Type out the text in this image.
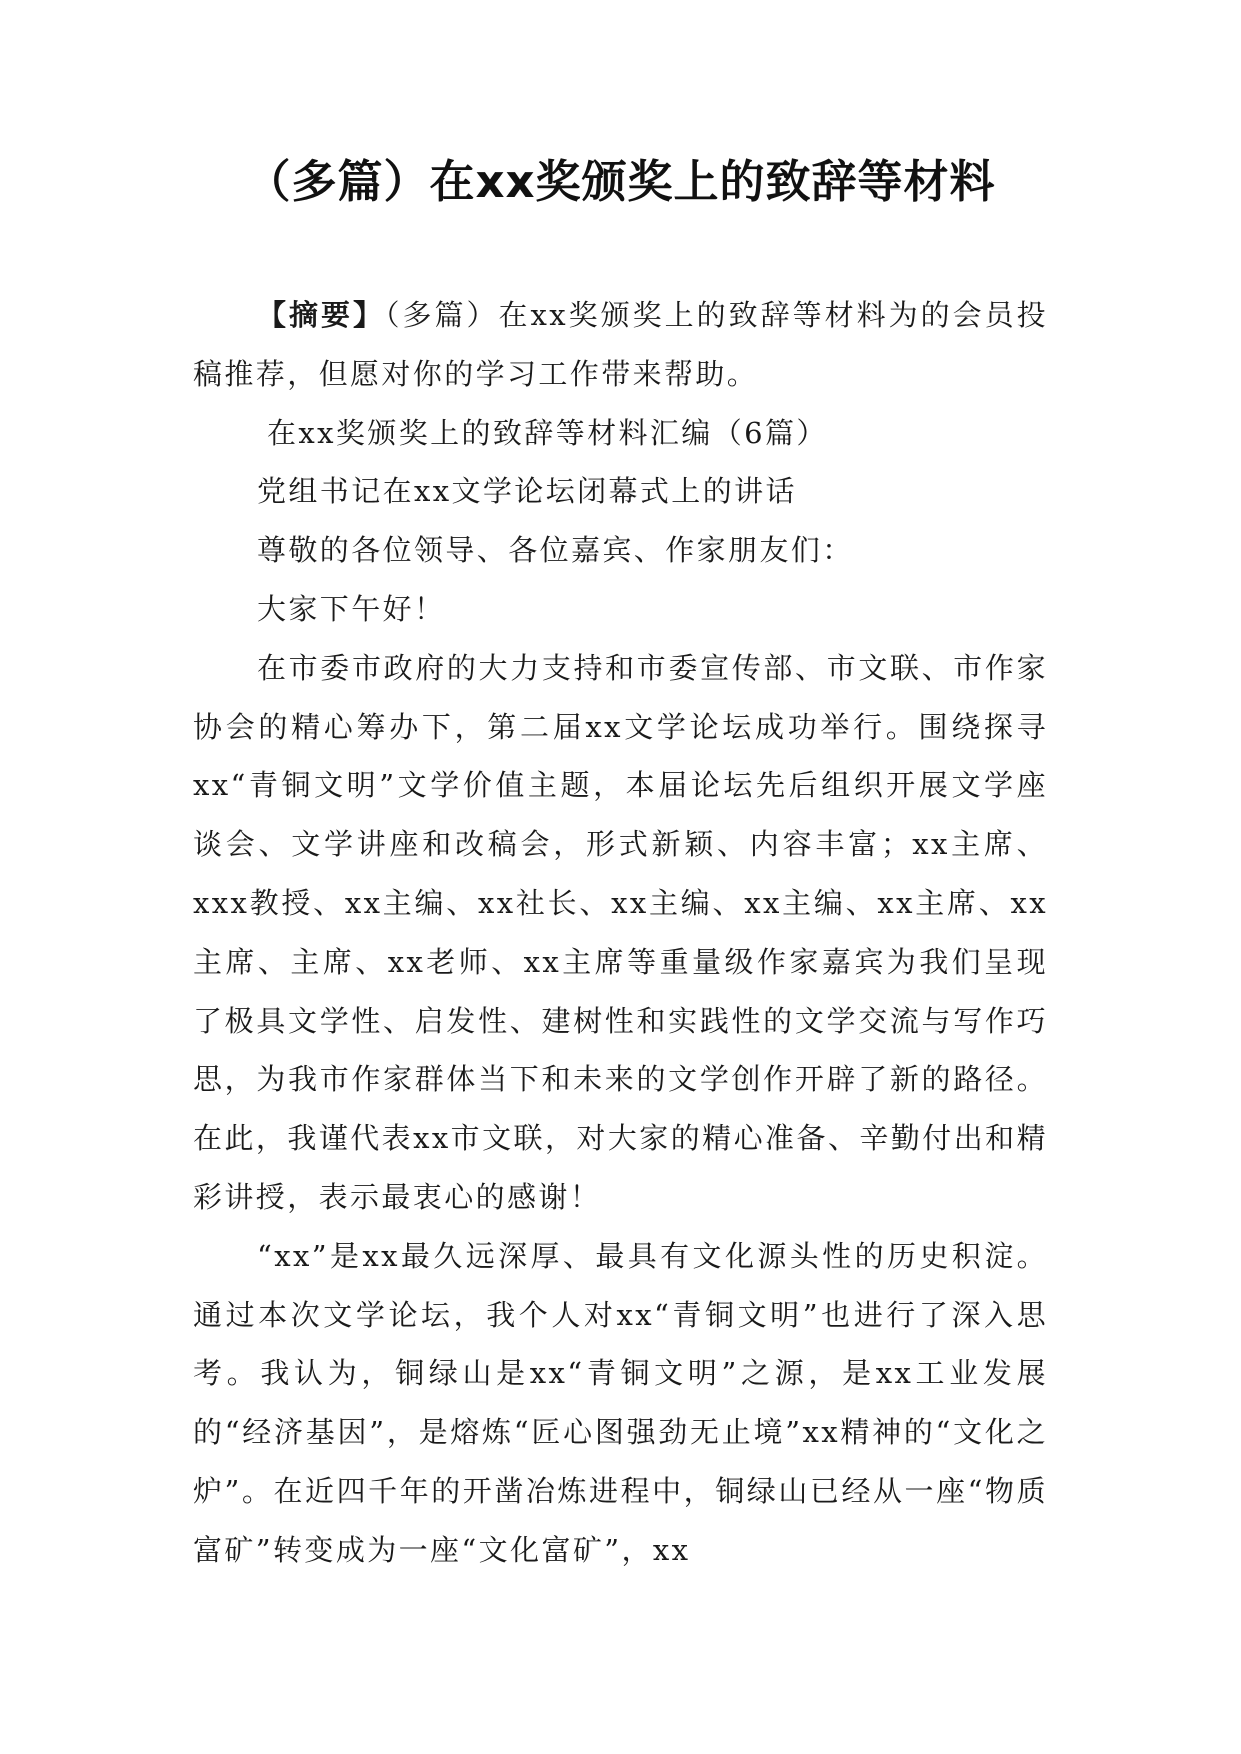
（多篇）在xx奖颁奖上的致辞等材料

【摘要】（多篇）在xx奖颁奖上的致辞等材料为的会员投稿推荐，但愿对你的学习工作带来帮助。

在xx奖颁奖上的致辞等材料汇编（6篇）

党组书记在xx文学论坛闭幕式上的讲话

尊敬的各位领导、各位嘉宾、作家朋友们：

大家下午好！

在市委市政府的大力支持和市委宣传部、市文联、市作家协会的精心筹办下，第二届xx文学论坛成功举行。围绕探寻xx“青铜文明”文学价值主题，本届论坛先后组织开展文学座谈会、文学讲座和改稿会，形式新颖、内容丰富；xx主席、xxx教授、xx主编、xx社长、xx主编、xx主编、xx主席、xx主席、主席、xx老师、xx主席等重量级作家嘉宾为我们呈现了极具文学性、启发性、建树性和实践性的文学交流与写作巧思，为我市作家群体当下和未来的文学创作开辟了新的路径。在此，我谨代表xx市文联，对大家的精心准备、辛勤付出和精彩讲授，表示最衷心的感谢！

“xx”是xx最久远深厚、最具有文化源头性的历史积淀。通过本次文学论坛，我个人对xx“青铜文明”也进行了深入思考。我认为，铜绿山是xx“青铜文明”之源，是xx工业发展的“经济基因”，是熔炼“匠心图强劲无止境”xx精神的“文化之炉”。在近四千年的开凿冶炼进程中，铜绿山已经从一座“物质富矿”转变成为一座“文化富矿”，xx
